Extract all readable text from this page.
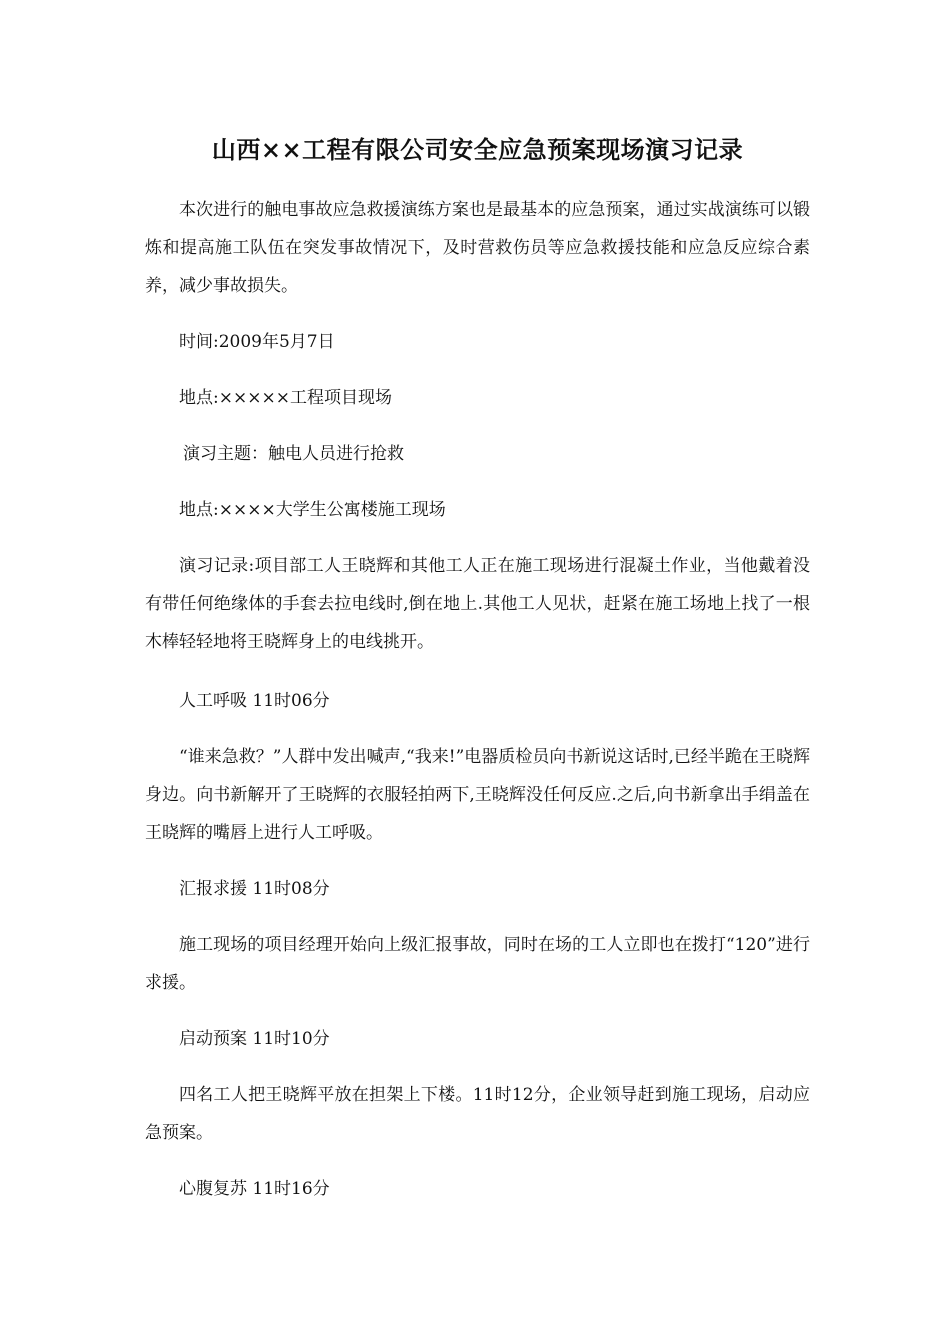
山西××工程有限公司安全应急预案现场演习记录

本次进行的触电事故应急救援演练方案也是最基本的应急预案，通过实战演练可以锻炼和提高施工队伍在突发事故情况下，及时营救伤员等应急救援技能和应急反应综合素养，减少事故损失。

时间:2009年5月7日

地点:×××××工程项目现场

演习主题：触电人员进行抢救

地点:××××大学生公寓楼施工现场

演习记录:项目部工人王晓辉和其他工人正在施工现场进行混凝土作业，当他戴着没有带任何绝缘体的手套去拉电线时,倒在地上.其他工人见状，赶紧在施工场地上找了一根木棒轻轻地将王晓辉身上的电线挑开。

人工呼吸 11时06分

“谁来急救？”人群中发出喊声,“我来!”电器质检员向书新说这话时,已经半跪在王晓辉身边。向书新解开了王晓辉的衣服轻拍两下,王晓辉没任何反应.之后,向书新拿出手绢盖在王晓辉的嘴唇上进行人工呼吸。

汇报求援 11时08分

施工现场的项目经理开始向上级汇报事故，同时在场的工人立即也在拨打“120”进行求援。

启动预案 11时10分

四名工人把王晓辉平放在担架上下楼。11时12分，企业领导赶到施工现场，启动应急预案。

心腹复苏 11时16分
